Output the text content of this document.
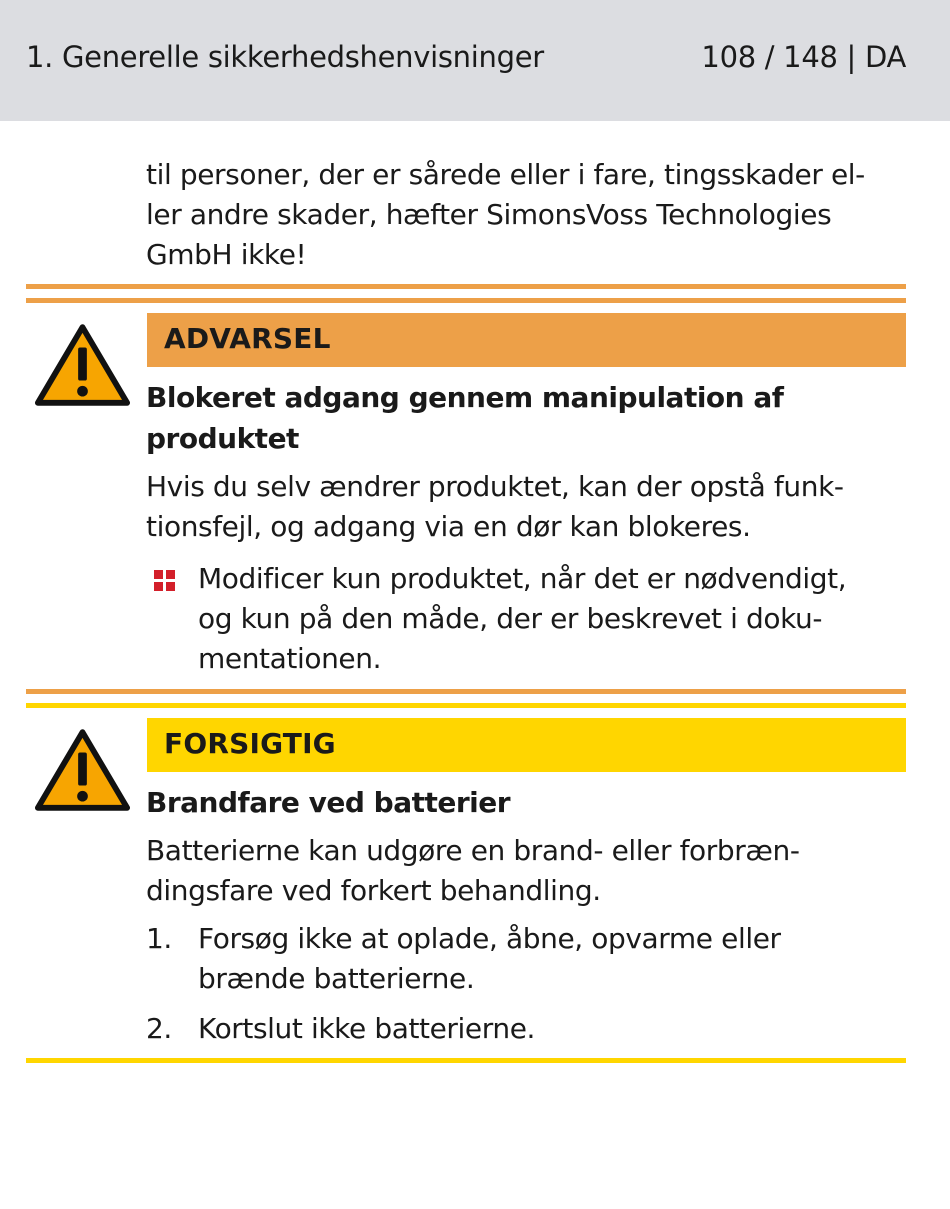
1. Generelle sikkerhedshenvisninger	108 / 148 | DA
til personer, der er sårede eller i fare, tingsskader el-
ler andre skader, hæfter SimonsVoss Technologies
GmbH ikke!
ADVARSEL
Blokeret adgang gennem manipulation af
produktet
Hvis du selv ændrer produktet, kan der opstå funk-
tionsfejl, og adgang via en dør kan blokeres.
Modificer kun produktet, når det er nødvendigt,
og kun på den måde, der er beskrevet i doku-
mentationen.
FORSIGTIG
Brandfare ved batterier
Batterierne kan udgøre en brand- eller forbræn-
dingsfare ved forkert behandling.
1. Forsøg ikke at oplade, åbne, opvarme eller
brænde batterierne.
2. Kortslut ikke batterierne.
